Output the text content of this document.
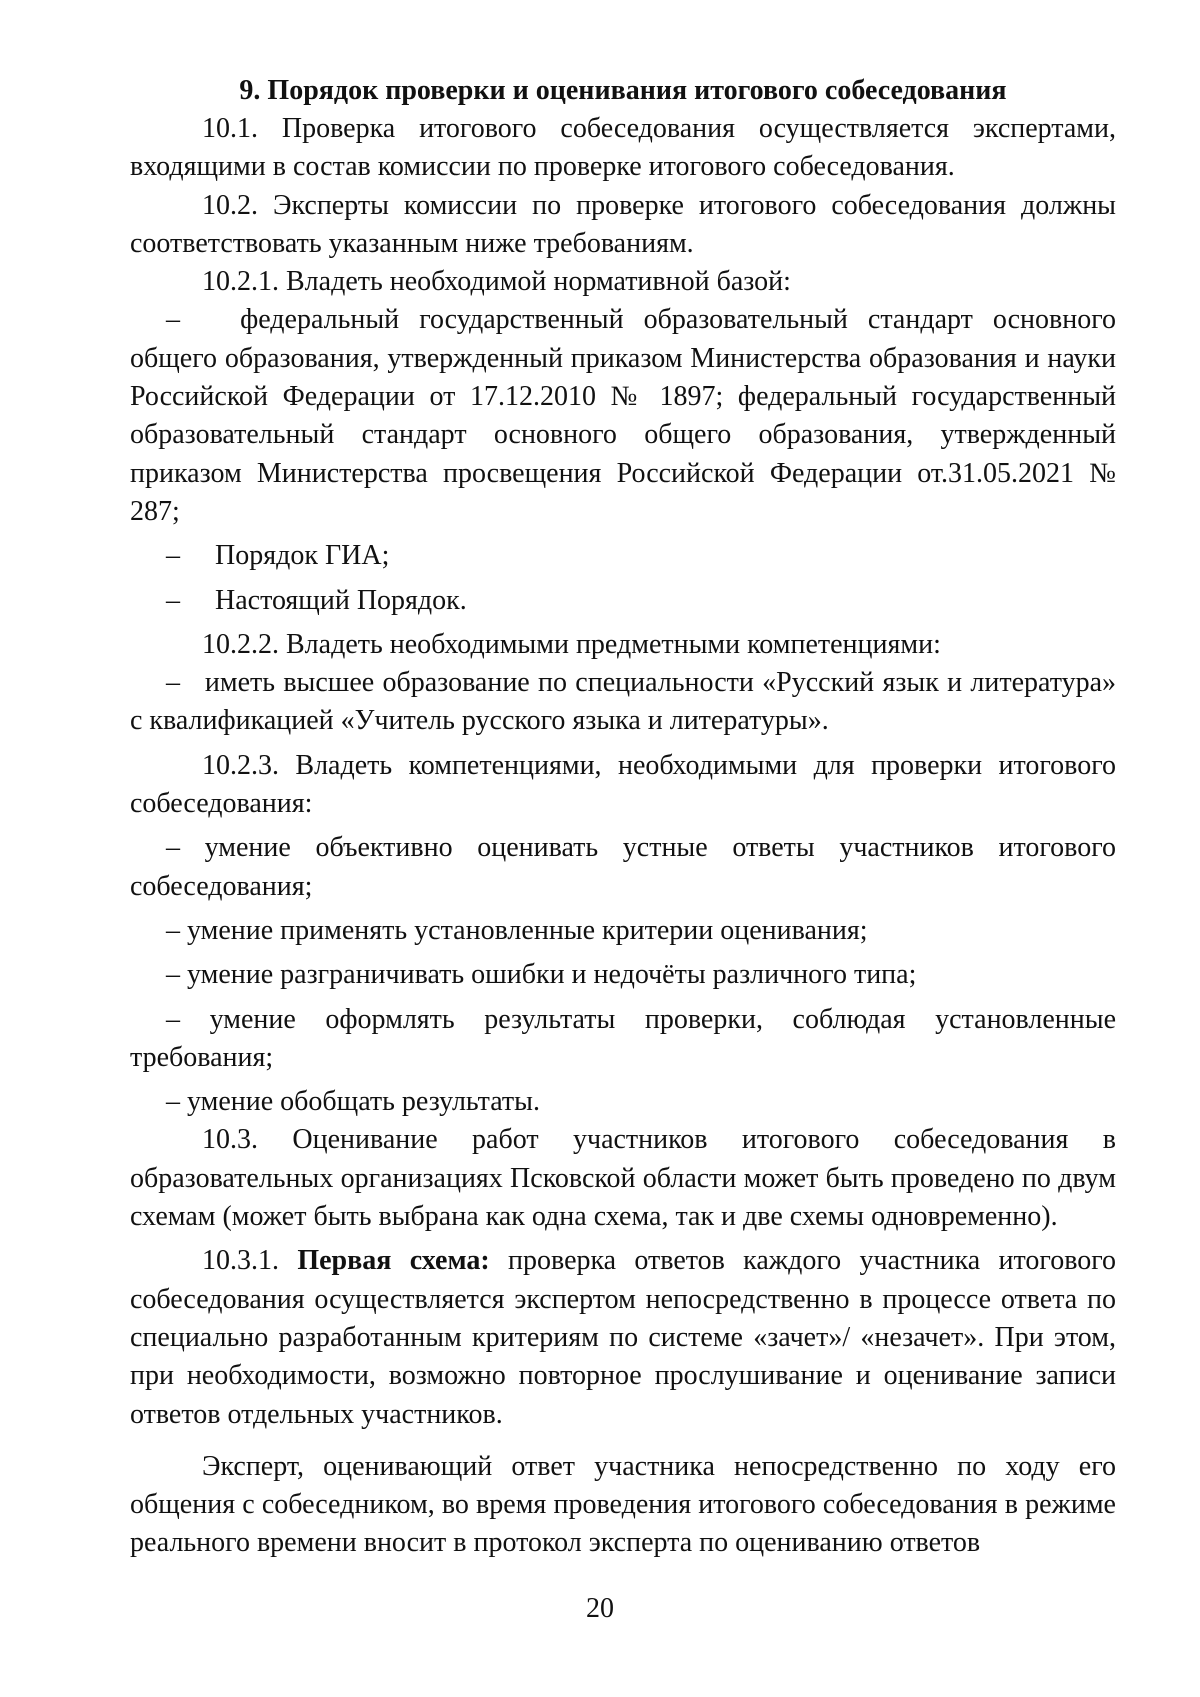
9. Порядок проверки и оценивания итогового собеседования

10.1. Проверка итогового собеседования осуществляется экспертами, входящими в состав комиссии по проверке итогового собеседования.

10.2. Эксперты комиссии по проверке итогового собеседования должны соответствовать указанным ниже требованиям.

10.2.1. Владеть необходимой нормативной базой:

–   федеральный государственный образовательный стандарт основного общего образования, утвержденный приказом Министерства образования и науки Российской Федерации от 17.12.2010 № 1897; федеральный государственный образовательный стандарт основного общего образования, утвержденный приказом Министерства просвещения Российской Федерации от.31.05.2021 № 287;

–     Порядок ГИА;

–     Настоящий Порядок.

10.2.2. Владеть необходимыми предметными компетенциями:

–   иметь высшее образование по специальности «Русский язык и литература» с квалификацией «Учитель русского языка и литературы».

10.2.3. Владеть компетенциями, необходимыми для проверки итогового собеседования:

– умение объективно оценивать устные ответы участников итогового собеседования;

– умение применять установленные критерии оценивания;

– умение разграничивать ошибки и недочёты различного типа;

– умение оформлять результаты проверки, соблюдая установленные требования;

– умение обобщать результаты.

10.3. Оценивание работ участников итогового собеседования в образовательных организациях Псковской области может быть проведено по двум схемам (может быть выбрана как одна схема, так и две схемы одновременно).

10.3.1. Первая схема: проверка ответов каждого участника итогового собеседования осуществляется экспертом непосредственно в процессе ответа по специально разработанным критериям по системе «зачет»/ «незачет». При этом, при необходимости, возможно повторное прослушивание и оценивание записи ответов отдельных участников.

Эксперт, оценивающий ответ участника непосредственно по ходу его общения с собеседником, во время проведения итогового собеседования в режиме реального времени вносит в протокол эксперта по оцениванию ответов

20
